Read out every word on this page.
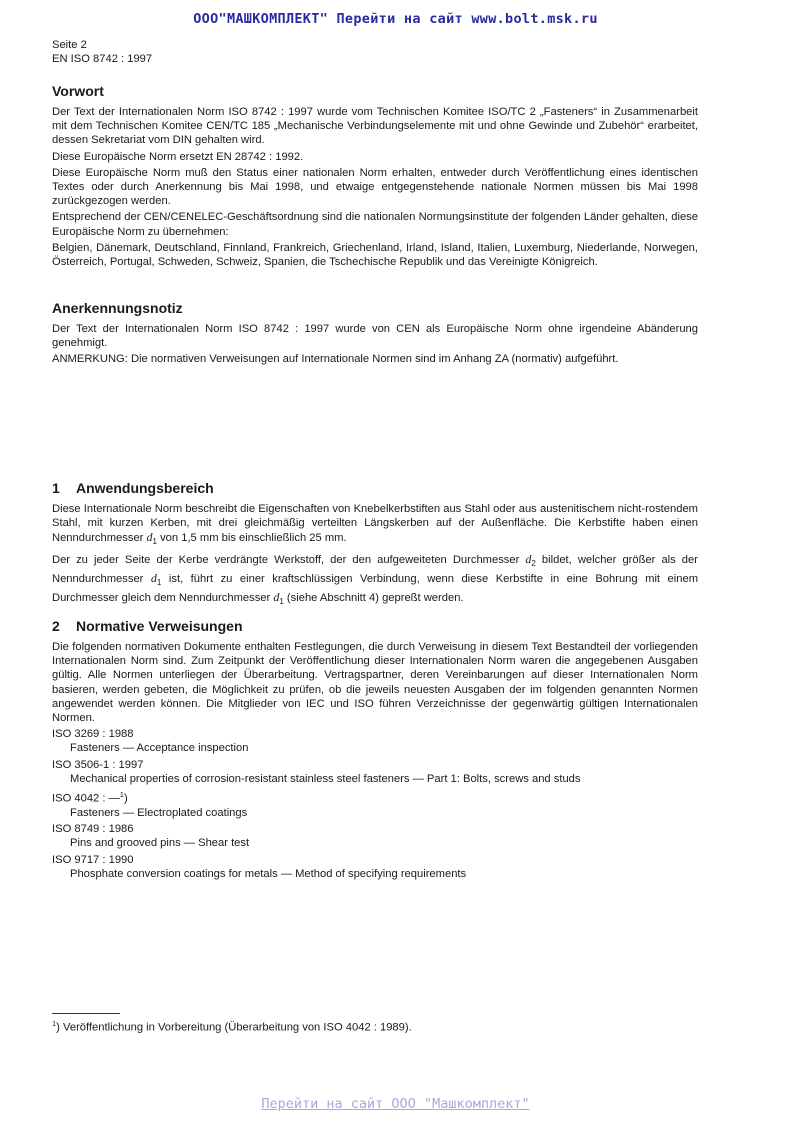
ООО"МАШКОМПЛЕКТ" Перейти на сайт www.bolt.msk.ru
Seite 2
EN ISO 8742 : 1997
Vorwort

Der Text der Internationalen Norm ISO 8742 : 1997 wurde vom Technischen Komitee ISO/TC 2 „Fasteners“ in Zusammenarbeit mit dem Technischen Komitee CEN/TC 185 „Mechanische Verbindungselemente mit und ohne Gewinde und Zubehör“ erarbeitet, dessen Sekretariat vom DIN gehalten wird.

Diese Europäische Norm ersetzt EN 28742 : 1992.

Diese Europäische Norm muß den Status einer nationalen Norm erhalten, entweder durch Veröffentlichung eines identischen Textes oder durch Anerkennung bis Mai 1998, und etwaige entgegenstehende nationale Normen müssen bis Mai 1998 zurückgezogen werden.

Entsprechend der CEN/CENELEC-Geschäftsordnung sind die nationalen Normungsinstitute der folgenden Länder gehalten, diese Europäische Norm zu übernehmen:

Belgien, Dänemark, Deutschland, Finnland, Frankreich, Griechenland, Irland, Island, Italien, Luxemburg, Niederlande, Norwegen, Österreich, Portugal, Schweden, Schweiz, Spanien, die Tschechische Republik und das Vereinigte Königreich.

Anerkennungsnotiz

Der Text der Internationalen Norm ISO 8742 : 1997 wurde von CEN als Europäische Norm ohne irgendeine Abänderung genehmigt.

ANMERKUNG: Die normativen Verweisungen auf Internationale Normen sind im Anhang ZA (normativ) aufgeführt.

1 Anwendungsbereich

Diese Internationale Norm beschreibt die Eigenschaften von Knebelkerbstiften aus Stahl oder aus austenitischem nicht-rostendem Stahl, mit kurzen Kerben, mit drei gleichmäßig verteilten Längskerben auf der Außenfläche. Die Kerbstifte haben einen Nenndurchmesser $d_1$ von 1,5 mm bis einschließlich 25 mm.

Der zu jeder Seite der Kerbe verdrängte Werkstoff, der den aufgeweiteten Durchmesser $d_2$ bildet, welcher größer als der Nenndurchmesser $d_1$ ist, führt zu einer kraftschlüssigen Verbindung, wenn diese Kerbstifte in eine Bohrung mit einem Durchmesser gleich dem Nenndurchmesser $d_1$ (siehe Abschnitt 4) gepreßt werden.

2 Normative Verweisungen

Die folgenden normativen Dokumente enthalten Festlegungen, die durch Verweisung in diesem Text Bestandteil der vorliegenden Internationalen Norm sind. Zum Zeitpunkt der Veröffentlichung dieser Internationalen Norm waren die angegebenen Ausgaben gültig. Alle Normen unterliegen der Überarbeitung. Vertragspartner, deren Vereinbarungen auf dieser Internationalen Norm basieren, werden gebeten, die Möglichkeit zu prüfen, ob die jeweils neuesten Ausgaben der im folgenden genannten Normen angewendet werden können. Die Mitglieder von IEC und ISO führen Verzeichnisse der gegenwärtig gültigen Internationalen Normen.

ISO 3269 : 1988
Fasteners — Acceptance inspection
ISO 3506-1 : 1997
Mechanical properties of corrosion-resistant stainless steel fasteners — Part 1: Bolts, screws and studs
ISO 4042 : —$^1$)
Fasteners — Electroplated coatings
ISO 8749 : 1986
Pins and grooved pins — Shear test
ISO 9717 : 1990
Phosphate conversion coatings for metals — Method of specifying requirements
$^1$) Veröffentlichung in Vorbereitung (Überarbeitung von ISO 4042 : 1989).
Перейти на сайт ООО "Машкомплект"
